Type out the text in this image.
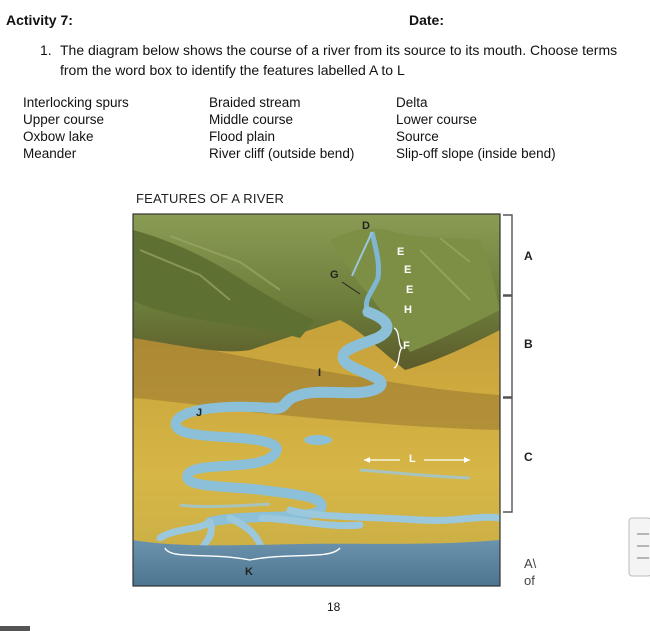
Activity 7:	Date:
1. The diagram below shows the course of a river from its source to its mouth. Choose terms
from the word box to identify the features labelled A to L
Interlocking spurs
Upper course
Oxbow lake
Meander
Braided stream
Middle course
Flood plain
River cliff (outside bend)
Delta
Lower course
Source
Slip-off slope (inside bend)
FEATURES OF A RIVER
D
E
E
E
H
G
F
I
J
L
K
A
B
C
A\
of
18
